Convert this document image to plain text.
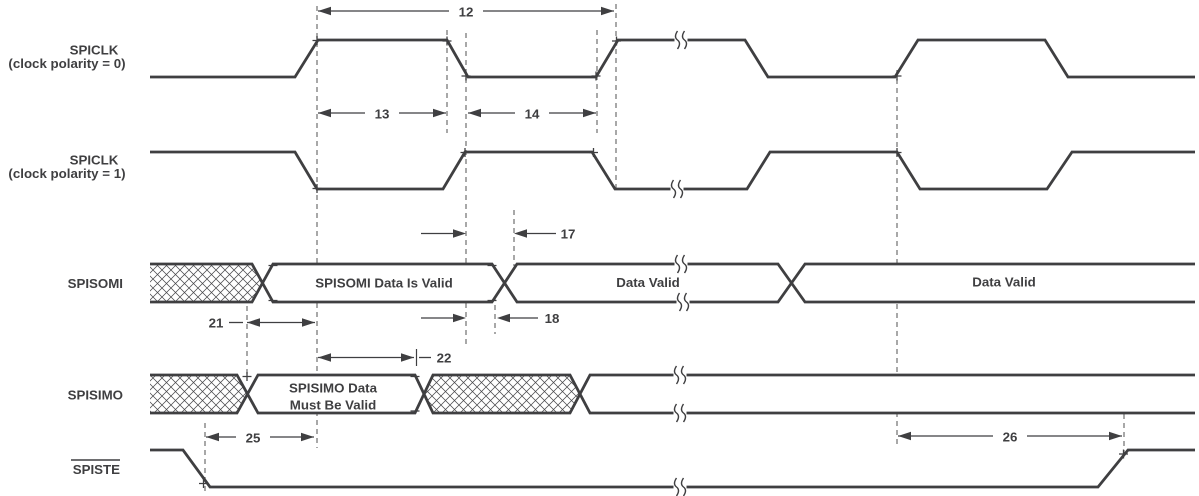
12
13	14
17
18
21
22
25	26
SPICLK
(clock polarity = 0)
SPICLK
(clock polarity = 1)
SPISOMI
SPISIMO
SPISTE
SPISOMI Data Is Valid	Data Valid	Data Valid
SPISIMO Data
Must Be Valid
